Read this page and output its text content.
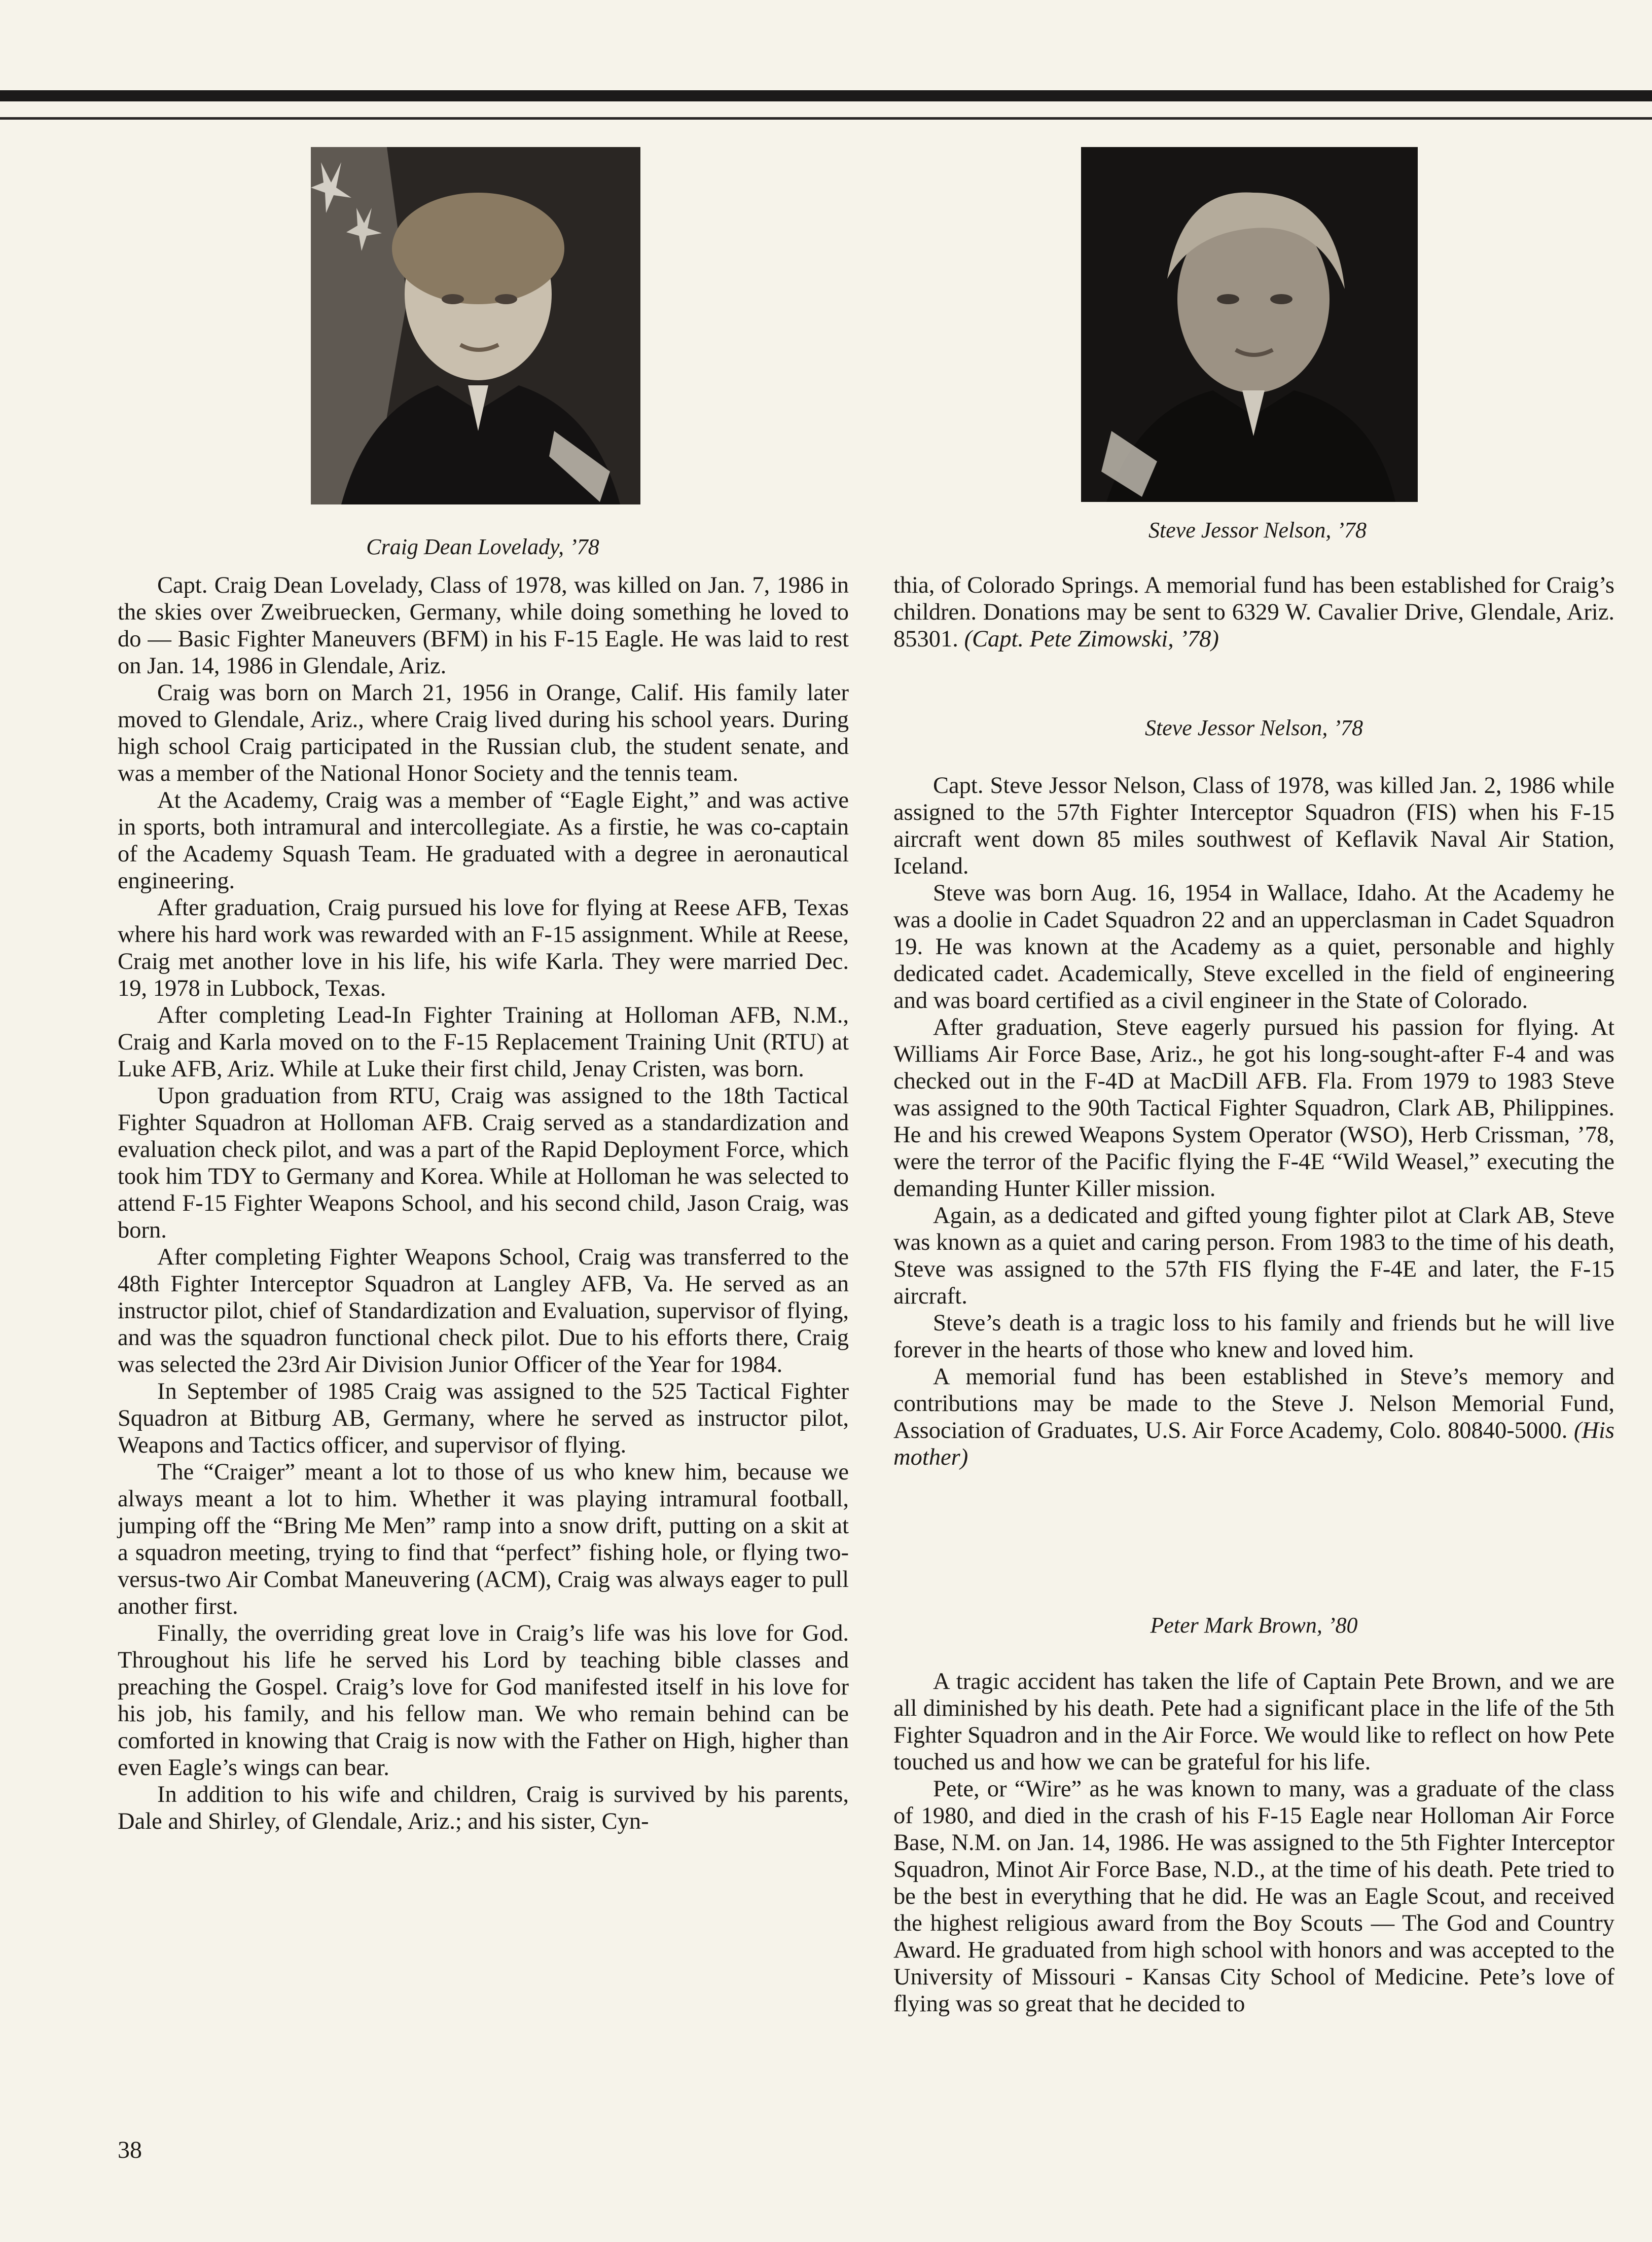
Craig Dean Lovelady, ’78
Steve Jessor Nelson, ’78

Capt. Craig Dean Lovelady, Class of 1978, was killed on Jan. 7, 1986 in the skies over Zweibruecken, Germany, while doing something he loved to do — Basic Fighter Maneuvers (BFM) in his F-15 Eagle. He was laid to rest on Jan. 14, 1986 in Glendale, Ariz.

Craig was born on March 21, 1956 in Orange, Calif. His family later moved to Glendale, Ariz., where Craig lived during his school years. During high school Craig participated in the Russian club, the student senate, and was a member of the National Honor Society and the tennis team.

At the Academy, Craig was a member of “Eagle Eight,” and was active in sports, both intramural and intercollegiate. As a firstie, he was co-captain of the Academy Squash Team. He graduated with a degree in aeronautical engineering.

After graduation, Craig pursued his love for flying at Reese AFB, Texas where his hard work was rewarded with an F-15 assignment. While at Reese, Craig met another love in his life, his wife Karla. They were married Dec. 19, 1978 in Lubbock, Texas.

After completing Lead-In Fighter Training at Holloman AFB, N.M., Craig and Karla moved on to the F-15 Replacement Training Unit (RTU) at Luke AFB, Ariz. While at Luke their first child, Jenay Cristen, was born.

Upon graduation from RTU, Craig was assigned to the 18th Tactical Fighter Squadron at Holloman AFB. Craig served as a standardization and evaluation check pilot, and was a part of the Rapid Deployment Force, which took him TDY to Germany and Korea. While at Holloman he was selected to attend F-15 Fighter Weapons School, and his second child, Jason Craig, was born.

After completing Fighter Weapons School, Craig was transferred to the 48th Fighter Interceptor Squadron at Langley AFB, Va. He served as an instructor pilot, chief of Standardization and Evaluation, supervisor of flying, and was the squadron functional check pilot. Due to his efforts there, Craig was selected the 23rd Air Division Junior Officer of the Year for 1984.

In September of 1985 Craig was assigned to the 525 Tactical Fighter Squadron at Bitburg AB, Germany, where he served as instructor pilot, Weapons and Tactics officer, and supervisor of flying.

The “Craiger” meant a lot to those of us who knew him, because we always meant a lot to him. Whether it was playing intramural football, jumping off the “Bring Me Men” ramp into a snow drift, putting on a skit at a squadron meeting, trying to find that “perfect” fishing hole, or flying two-versus-two Air Combat Maneuvering (ACM), Craig was always eager to pull another first.

Finally, the overriding great love in Craig’s life was his love for God. Throughout his life he served his Lord by teaching bible classes and preaching the Gospel. Craig’s love for God manifested itself in his love for his job, his family, and his fellow man. We who remain behind can be comforted in knowing that Craig is now with the Father on High, higher than even Eagle’s wings can bear.

In addition to his wife and children, Craig is survived by his parents, Dale and Shirley, of Glendale, Ariz.; and his sister, Cyn-

thia, of Colorado Springs. A memorial fund has been established for Craig’s children. Donations may be sent to 6329 W. Cavalier Drive, Glendale, Ariz. 85301. (Capt. Pete Zimowski, ’78)

Steve Jessor Nelson, ’78

Capt. Steve Jessor Nelson, Class of 1978, was killed Jan. 2, 1986 while assigned to the 57th Fighter Interceptor Squadron (FIS) when his F-15 aircraft went down 85 miles southwest of Keflavik Naval Air Station, Iceland.

Steve was born Aug. 16, 1954 in Wallace, Idaho. At the Academy he was a doolie in Cadet Squadron 22 and an upperclasman in Cadet Squadron 19. He was known at the Academy as a quiet, personable and highly dedicated cadet. Academically, Steve excelled in the field of engineering and was board certified as a civil engineer in the State of Colorado.

After graduation, Steve eagerly pursued his passion for flying. At Williams Air Force Base, Ariz., he got his long-sought-after F-4 and was checked out in the F-4D at MacDill AFB. Fla. From 1979 to 1983 Steve was assigned to the 90th Tactical Fighter Squadron, Clark AB, Philippines. He and his crewed Weapons System Operator (WSO), Herb Crissman, ’78, were the terror of the Pacific flying the F-4E “Wild Weasel,” executing the demanding Hunter Killer mission.

Again, as a dedicated and gifted young fighter pilot at Clark AB, Steve was known as a quiet and caring person. From 1983 to the time of his death, Steve was assigned to the 57th FIS flying the F-4E and later, the F-15 aircraft.

Steve’s death is a tragic loss to his family and friends but he will live forever in the hearts of those who knew and loved him.

A memorial fund has been established in Steve’s memory and contributions may be made to the Steve J. Nelson Memorial Fund, Association of Graduates, U.S. Air Force Academy, Colo. 80840-5000. (His mother)

Peter Mark Brown, ’80

A tragic accident has taken the life of Captain Pete Brown, and we are all diminished by his death. Pete had a significant place in the life of the 5th Fighter Squadron and in the Air Force. We would like to reflect on how Pete touched us and how we can be grateful for his life.

Pete, or “Wire” as he was known to many, was a graduate of the class of 1980, and died in the crash of his F-15 Eagle near Holloman Air Force Base, N.M. on Jan. 14, 1986. He was assigned to the 5th Fighter Interceptor Squadron, Minot Air Force Base, N.D., at the time of his death. Pete tried to be the best in everything that he did. He was an Eagle Scout, and received the highest religious award from the Boy Scouts — The God and Country Award. He graduated from high school with honors and was accepted to the University of Missouri - Kansas City School of Medicine. Pete’s love of flying was so great that he decided to

38
